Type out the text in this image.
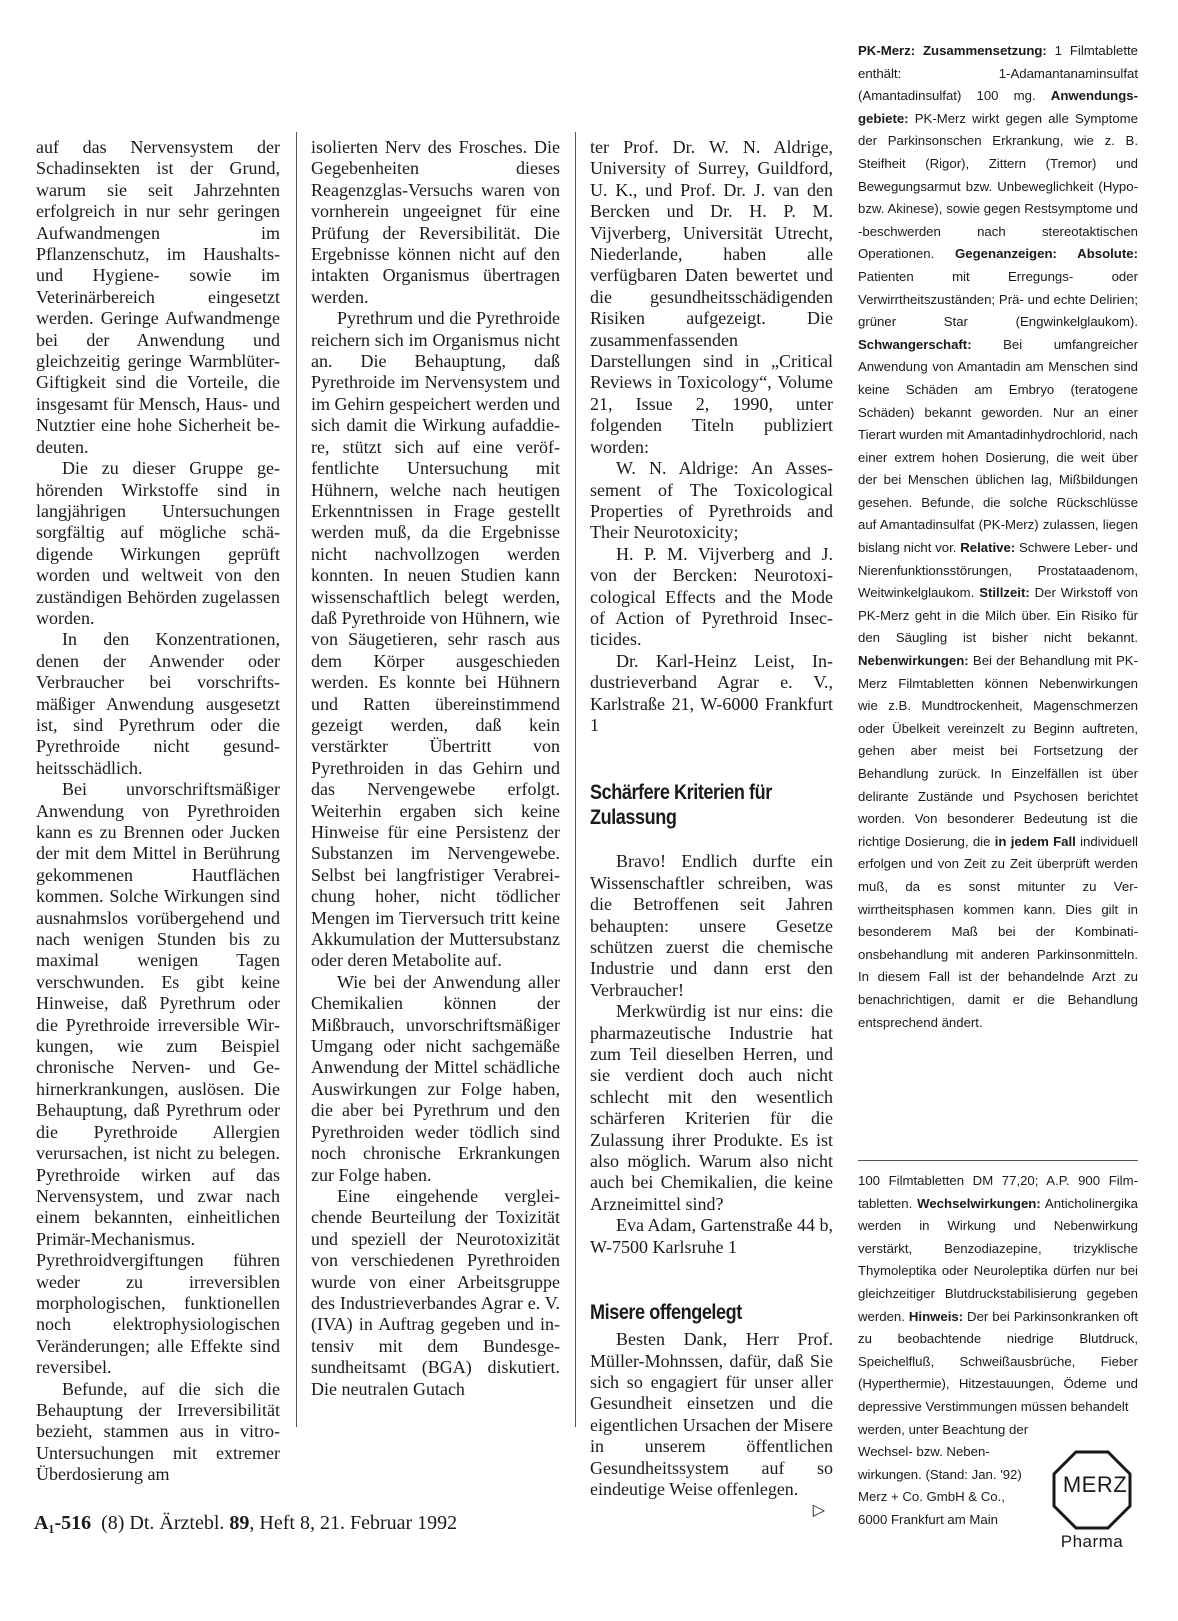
auf das Nervensystem der Schadinsekten ist der Grund, warum sie seit Jahrzehnten erfolgreich in nur sehr geringen Aufwandmengen im Pflanzenschutz, im Haushalts- und Hygiene- sowie im Veterinärbereich eingesetzt werden. Geringe Aufwandmenge bei der Anwendung und gleichzeitig geringe Warmblüter-Giftigkeit sind die Vorteile, die insgesamt für Mensch, Haus- und Nutztier eine hohe Sicherheit bedeuten.

Die zu dieser Gruppe gehörenden Wirkstoffe sind in langjährigen Untersuchungen sorgfältig auf mögliche schädigende Wirkungen geprüft worden und weltweit von den zuständigen Behörden zugelassen worden.

In den Konzentrationen, denen der Anwender oder Verbraucher bei vorschriftsmäßiger Anwendung ausgesetzt ist, sind Pyrethrum oder die Pyrethroide nicht gesundheitsschädlich.

Bei unvorschriftsmäßiger Anwendung von Pyrethroiden kann es zu Brennen oder Jucken der mit dem Mittel in Berührung gekommenen Hautflächen kommen. Solche Wirkungen sind ausnahmslos vorübergehend und nach wenigen Stunden bis zu maximal wenigen Tagen verschwunden. Es gibt keine Hinweise, daß Pyrethrum oder die Pyrethroide irreversible Wirkungen, wie zum Beispiel chronische Nerven- und Gehirnerkrankungen, auslösen. Die Behauptung, daß Pyrethrum oder die Pyrethroide Allergien verursachen, ist nicht zu belegen. Pyrethroide wirken auf das Nervensystem, und zwar nach einem bekannten, einheitlichen Primär-Mechanismus. Pyrethroidvergiftungen führen weder zu irreversiblen morphologischen, funktionellen noch elektrophysiologischen Veränderungen; alle Effekte sind reversibel.

Befunde, auf die sich die Behauptung der Irreversibilität bezieht, stammen aus in vitro-Untersuchungen mit extremer Überdosierung am

isolierten Nerv des Frosches. Die Gegebenheiten dieses Reagenzglas-Versuchs waren von vornherein ungeeignet für eine Prüfung der Reversibilität. Die Ergebnisse können nicht auf den intakten Organismus übertragen werden.

Pyrethrum und die Pyrethroide reichern sich im Organismus nicht an. Die Behauptung, daß Pyrethroide im Nervensystem und im Gehirn gespeichert werden und sich damit die Wirkung aufaddiere, stützt sich auf eine veröffentlichte Untersuchung mit Hühnern, welche nach heutigen Erkenntnissen in Frage gestellt werden muß, da die Ergebnisse nicht nachvollzogen werden konnten. In neuen Studien kann wissenschaftlich belegt werden, daß Pyrethroide von Hühnern, wie von Säugetieren, sehr rasch aus dem Körper ausgeschieden werden. Es konnte bei Hühnern und Ratten übereinstimmend gezeigt werden, daß kein verstärkter Übertritt von Pyrethroiden in das Gehirn und das Nervengewebe erfolgt. Weiterhin ergaben sich keine Hinweise für eine Persistenz der Substanzen im Nervengewebe. Selbst bei langfristiger Verabreichung hoher, nicht tödlicher Mengen im Tierversuch tritt keine Akkumulation der Muttersubstanz oder deren Metabolite auf.

Wie bei der Anwendung aller Chemikalien können der Mißbrauch, unvorschriftsmäßiger Umgang oder nicht sachgemäße Anwendung der Mittel schädliche Auswirkungen zur Folge haben, die aber bei Pyrethrum und den Pyrethroiden weder tödlich sind noch chronische Erkrankungen zur Folge haben.

Eine eingehende vergleichende Beurteilung der Toxizität und speziell der Neurotoxizität von verschiedenen Pyrethroiden wurde von einer Arbeitsgruppe des Industrieverbandes Agrar e. V. (IVA) in Auftrag gegeben und intensiv mit dem Bundesgesundheitsamt (BGA) diskutiert. Die neutralen Gutach

ter Prof. Dr. W. N. Aldrige, University of Surrey, Guildford, U. K., und Prof. Dr. J. van den Bercken und Dr. H. P. M. Vijverberg, Universität Utrecht, Niederlande, haben alle verfügbaren Daten bewertet und die gesundheitsschädigenden Risiken aufgezeigt. Die zusammenfassenden Darstellungen sind in „Critical Reviews in Toxicology“, Volume 21, Issue 2, 1990, unter folgenden Titeln publiziert worden:

W. N. Aldrige: An Assessement of The Toxicological Properties of Pyrethroids and Their Neurotoxicity;

H. P. M. Vijverberg and J. von der Bercken: Neurotoxicological Effects and the Mode of Action of Pyrethroid Insecticides.

Dr. Karl-Heinz Leist, Industrieverband Agrar e. V., Karlstraße 21, W-6000 Frankfurt 1

Schärfere Kriterien für Zulassung

Bravo! Endlich durfte ein Wissenschaftler schreiben, was die Betroffenen seit Jahren behaupten: unsere Gesetze schützen zuerst die chemische Industrie und dann erst den Verbraucher!

Merkwürdig ist nur eins: die pharmazeutische Industrie hat zum Teil dieselben Herren, und sie verdient doch auch nicht schlecht mit den wesentlich schärferen Kriterien für die Zulassung ihrer Produkte. Es ist also möglich. Warum also nicht auch bei Chemikalien, die keine Arzneimittel sind?

Eva Adam, Gartenstraße 44 b, W-7500 Karlsruhe 1

Misere offengelegt

Besten Dank, Herr Prof. Müller-Mohnssen, dafür, daß Sie sich so engagiert für unser aller Gesundheit einsetzen und die eigentlichen Ursachen der Misere in unserem öffentlichen Gesundheitssystem auf so eindeutige Weise offenlegen.
▷

PK-Merz: Zusammensetzung: 1 Filmtablette enthält: 1-Adamantanaminsulfat (Amantadinsulfat) 100 mg. Anwendungsgebiete: PK-Merz wirkt gegen alle Symptome der Parkinsonschen Erkrankung, wie z. B. Steifheit (Rigor), Zittern (Tremor) und Bewegungsarmut bzw. Unbeweglichkeit (Hypo- bzw. Akinese), sowie gegen Restsymptome und -beschwerden nach stereotaktischen Operationen. Gegenanzeigen: Absolute: Patienten mit Erregungs- oder Verwirrtheitszuständen; Prä- und echte Delirien; grüner Star (Engwinkelglaukom). Schwangerschaft: Bei umfangreicher Anwendung von Amantadin am Menschen sind keine Schäden am Embryo (teratogene Schäden) bekannt geworden. Nur an einer Tierart wurden mit Amantadinhydrochlorid, nach einer extrem hohen Dosierung, die weit über der bei Menschen üblichen lag, Mißbildungen gesehen. Befunde, die solche Rückschlüsse auf Amantadinsulfat (PK-Merz) zulassen, liegen bislang nicht vor. Relative: Schwere Leber- und Nierenfunktionsstörungen, Prostataadenom, Weitwinkelglaukom. Stillzeit: Der Wirkstoff von PK-Merz geht in die Milch über. Ein Risiko für den Säugling ist bisher nicht bekannt. Nebenwirkungen: Bei der Behandlung mit PK-Merz Filmtabletten können Nebenwirkungen wie z.B. Mundtrockenheit, Magenschmerzen oder Übelkeit vereinzelt zu Beginn auftreten, gehen aber meist bei Fortsetzung der Behandlung zurück. In Einzelfällen ist über delirante Zustände und Psychosen berichtet worden. Von besonderer Bedeutung ist die richtige Dosierung, die in jedem Fall individuell erfolgen und von Zeit zu Zeit überprüft werden muß, da es sonst mitunter zu Verwirrtheitsphasen kommen kann. Dies gilt in besonderem Maß bei der Kombinationsbehandlung mit anderen Parkinsonmitteln. In diesem Fall ist der behandelnde Arzt zu benachrichtigen, damit er die Behandlung entsprechend ändert.
100 Filmtabletten DM 77,20; A.P. 900 Filmtabletten. Wechselwirkungen: Anticholinergika werden in Wirkung und Nebenwirkung verstärkt, Benzodiazepine, trizyklische Thymoleptika oder Neuroleptika dürfen nur bei gleichzeitiger Blutdruckstabilisierung gegeben werden. Hinweis: Der bei Parkinsonkranken oft zu beobachtende niedrige Blutdruck, Speichelfluß, Schweißausbrüche, Fieber (Hyperthermie), Hitzestauungen, Ödeme und depressive Verstimmungen müssen behandelt
werden, unter Beachtung der Wechsel- bzw. Nebenwirkungen. (Stand: Jan. '92)
Merz + Co. GmbH & Co.,
6000 Frankfurt am Main
MERZ
Pharma
A₁-516 (8) Dt. Ärztebl. 89, Heft 8, 21. Februar 1992
